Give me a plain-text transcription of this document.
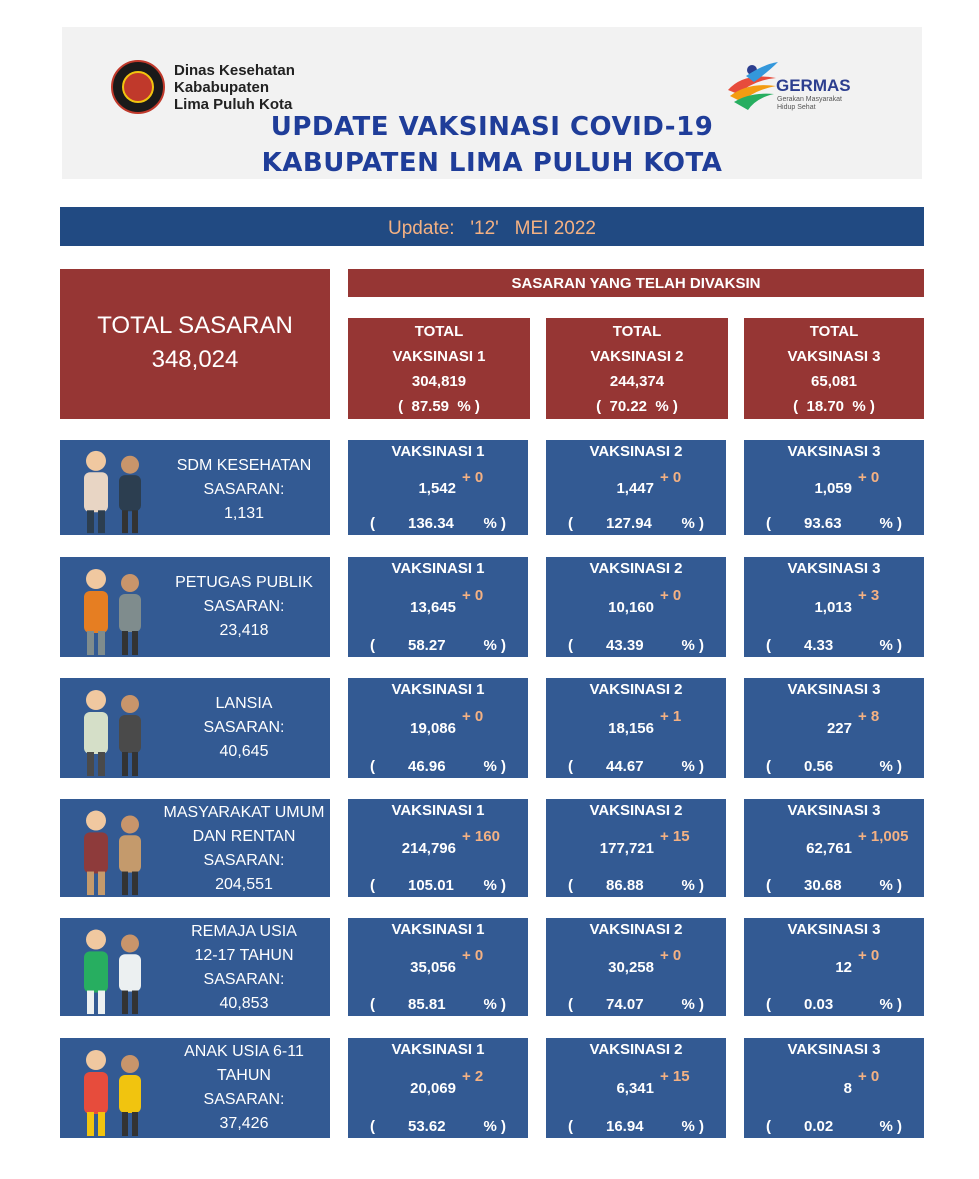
Dinas Kesehatan
Kababupaten
Lima Puluh Kota
GERMAS
Gerakan Masyarakat Hidup Sehat
UPDATE VAKSINASI COVID-19
KABUPATEN LIMA PULUH KOTA
Update: '12' MEI 2022
TOTAL SASARAN
348,024
SASARAN YANG TELAH DIVAKSIN
TOTAL
VAKSINASI 1
304,819
(  87.59  % )
TOTAL
VAKSINASI 2
244,374
(  70.22  % )
TOTAL
VAKSINASI 3
65,081
(  18.70  % )
SDM KESEHATAN
SASARAN:
1,131
VAKSINASI 1
1,542
+ 0
( 136.34 % )
VAKSINASI 2
1,447
+ 0
( 127.94 % )
VAKSINASI 3
1,059
+ 0
( 93.63	% )
PETUGAS PUBLIK
SASARAN:
23,418
VAKSINASI 1
13,645
+ 0
( 58.27	% )
VAKSINASI 2
10,160
+ 0
( 43.39	% )
VAKSINASI 3
1,013
+ 3
( 4.33	% )
LANSIA
SASARAN:
40,645
VAKSINASI 1
19,086
+ 0
( 46.96	% )
VAKSINASI 2
18,156
+ 1
( 44.67	% )
VAKSINASI 3
227
+ 8
( 0.56	% )
MASYARAKAT UMUM
DAN RENTAN
SASARAN:
204,551
VAKSINASI 1
214,796
+ 160
( 105.01 % )
VAKSINASI 2
177,721
+ 15
( 86.88	% )
VAKSINASI 3
62,761
+ 1,005
( 30.68	% )
REMAJA USIA
12-17 TAHUN
SASARAN:
40,853
VAKSINASI 1
35,056
+ 0
( 85.81	% )
VAKSINASI 2
30,258
+ 0
( 74.07	% )
VAKSINASI 3
12
+ 0
( 0.03	% )
ANAK USIA 6-11
TAHUN
SASARAN:
37,426
VAKSINASI 1
20,069
+ 2
( 53.62	% )
VAKSINASI 2
6,341
+ 15
( 16.94	% )
VAKSINASI 3
8
+ 0
( 0.02	% )
